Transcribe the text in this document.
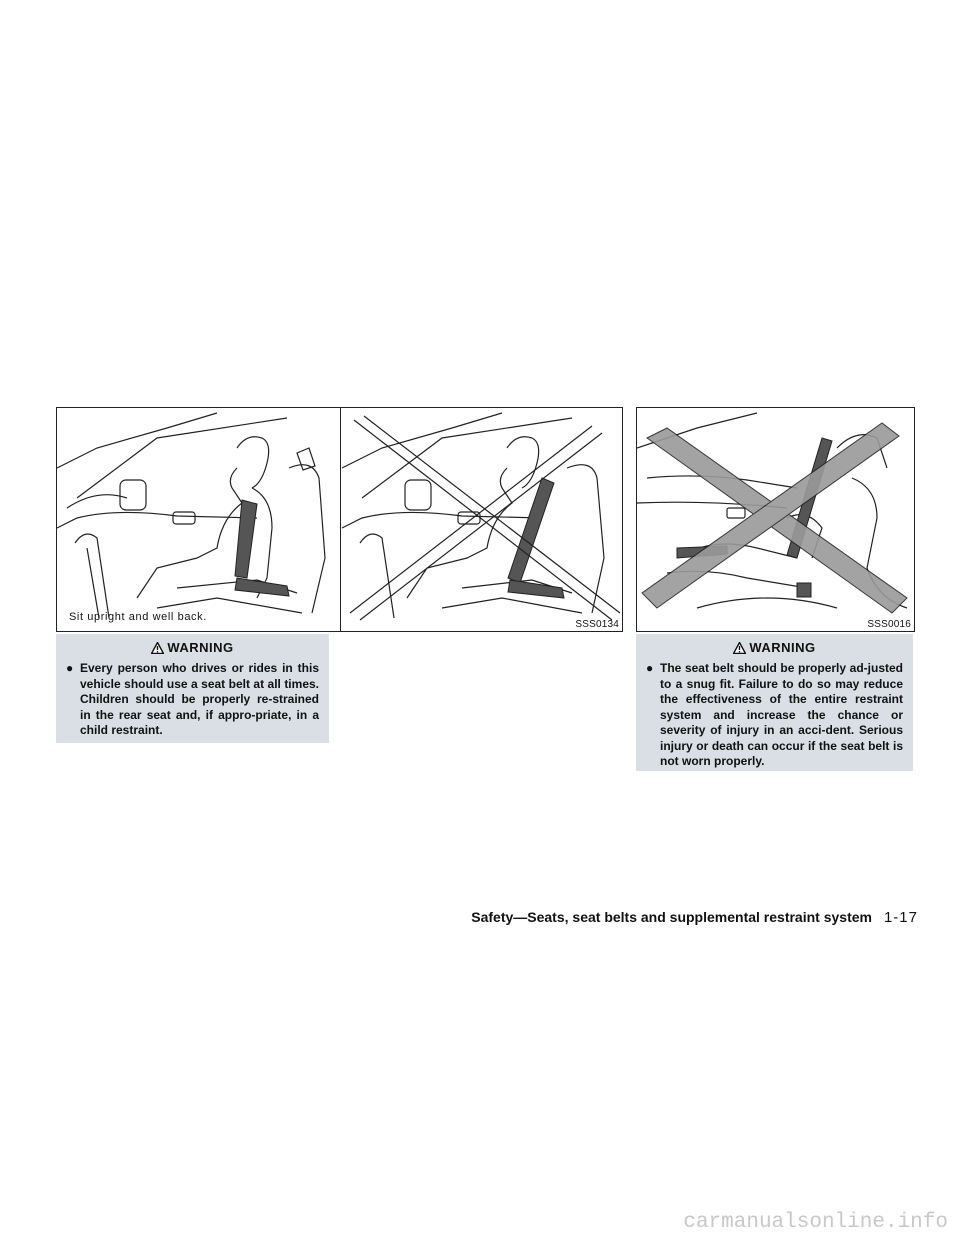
Sit upright and well back.
SSS0134	SSS0016
WARNING
● Every person who drives or rides in this vehicle should use a seat belt at all times. Children should be properly re-strained in the rear seat and, if appro-priate, in a child restraint.
WARNING
● The seat belt should be properly ad-justed to a snug fit. Failure to do so may reduce the effectiveness of the entire restraint system and increase the chance or severity of injury in an acci-dent. Serious injury or death can occur if the seat belt is not worn properly.
Safety—Seats, seat belts and supplemental restraint system 1-17
carmanualsonline.info
